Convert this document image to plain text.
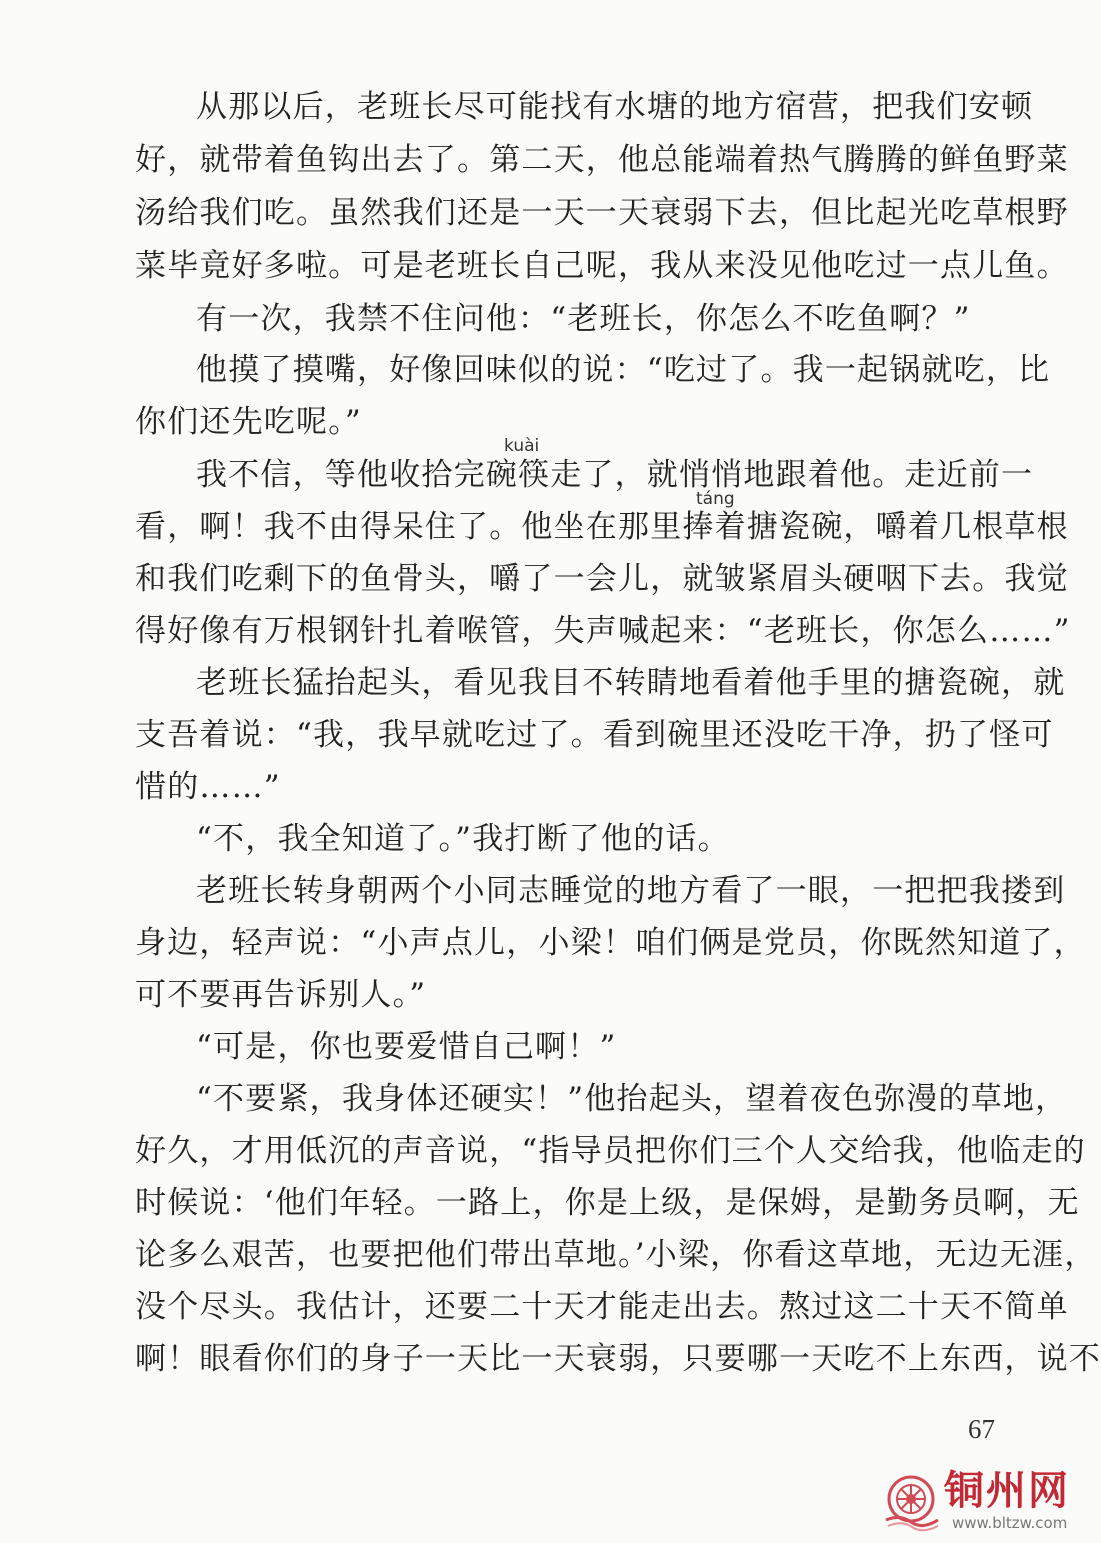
从那以后，老班长尽可能找有水塘的地方宿营，把我们安顿
好，就带着鱼钩出去了。第二天，他总能端着热气腾腾的鲜鱼野菜
汤给我们吃。虽然我们还是一天一天衰弱下去，但比起光吃草根野
菜毕竟好多啦。可是老班长自己呢，我从来没见他吃过一点儿鱼。
有一次，我禁不住问他：“老班长，你怎么不吃鱼啊？”
他摸了摸嘴，好像回味似的说：“吃过了。我一起锅就吃，比
你们还先吃呢。”
kuài
我不信，等他收拾完碗筷走了，就悄悄地跟着他。走近前一
táng
看，啊！我不由得呆住了。他坐在那里捧着搪瓷碗，嚼着几根草根
和我们吃剩下的鱼骨头，嚼了一会儿，就皱紧眉头硬咽下去。我觉
得好像有万根钢针扎着喉管，失声喊起来：“老班长，你怎么……”
老班长猛抬起头，看见我目不转睛地看着他手里的搪瓷碗，就
支吾着说：“我，我早就吃过了。看到碗里还没吃干净，扔了怪可
惜的……”
“不，我全知道了。”我打断了他的话。
老班长转身朝两个小同志睡觉的地方看了一眼，一把把我搂到
身边，轻声说：“小声点儿，小梁！咱们俩是党员，你既然知道了，
可不要再告诉别人。”
“可是，你也要爱惜自己啊！”
“不要紧，我身体还硬实！”他抬起头，望着夜色弥漫的草地，
好久，才用低沉的声音说，“指导员把你们三个人交给我，他临走的
时候说：‘他们年轻。一路上，你是上级，是保姆，是勤务员啊，无
论多么艰苦，也要把他们带出草地。’小梁，你看这草地，无边无涯，
没个尽头。我估计，还要二十天才能走出去。熬过这二十天不简单
啊！眼看你们的身子一天比一天衰弱，只要哪一天吃不上东西，说不
67
铜州网
www.bltzw.com
